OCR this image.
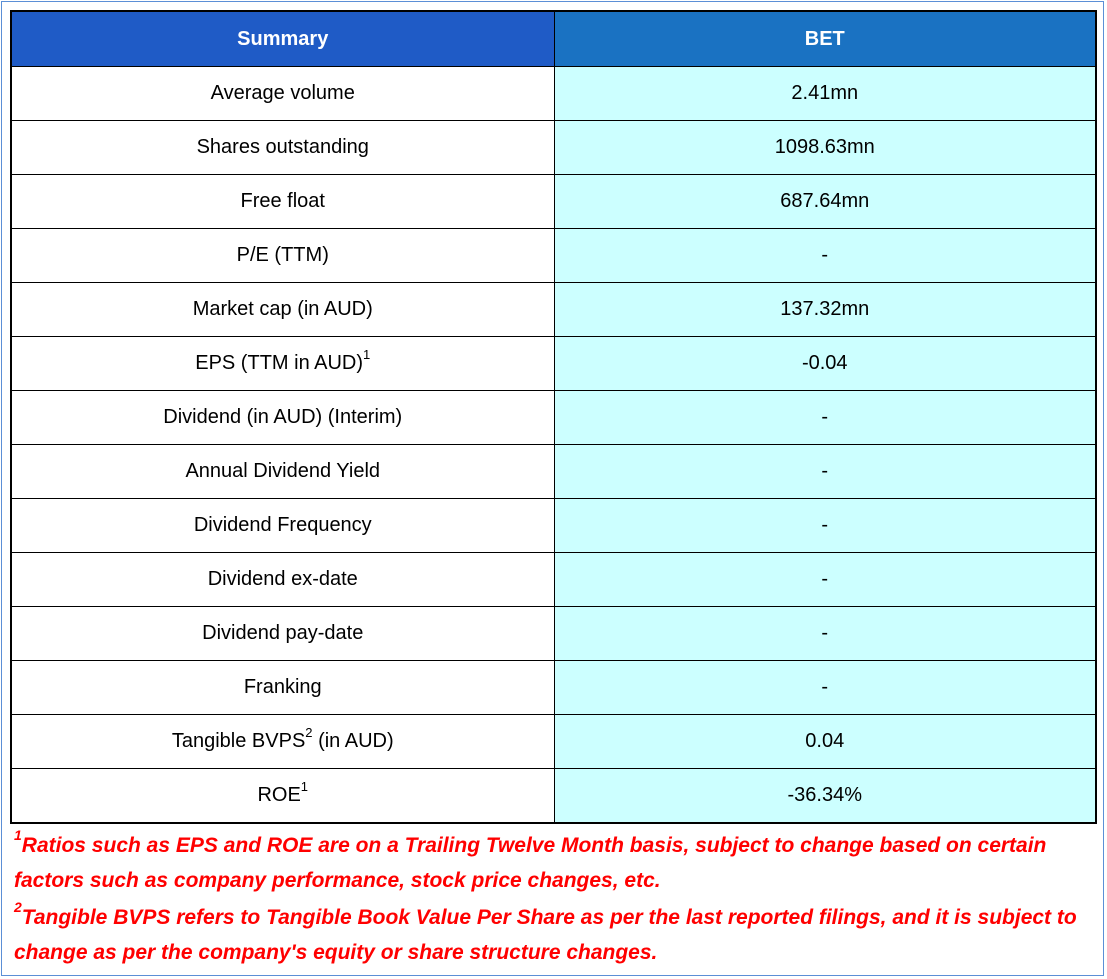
Summary	BET
Average volume	2.41mn
Shares outstanding	1098.63mn
Free float	687.64mn
P/E (TTM)	-
Market cap (in AUD)	137.32mn
EPS (TTM in AUD)$^1$	-0.04
Dividend (in AUD) (Interim)	-
Annual Dividend Yield	-
Dividend Frequency	-
Dividend ex-date	-
Dividend pay-date	-
Franking	-
Tangible BVPS$^2$ (in AUD)	0.04
ROE$^1$	-36.34%

$^1$Ratios such as EPS and ROE are on a Trailing Twelve Month basis, subject to change based on certain factors such as company performance, stock price changes, etc.

$^2$Tangible BVPS refers to Tangible Book Value Per Share as per the last reported filings, and it is subject to change as per the company's equity or share structure changes.
